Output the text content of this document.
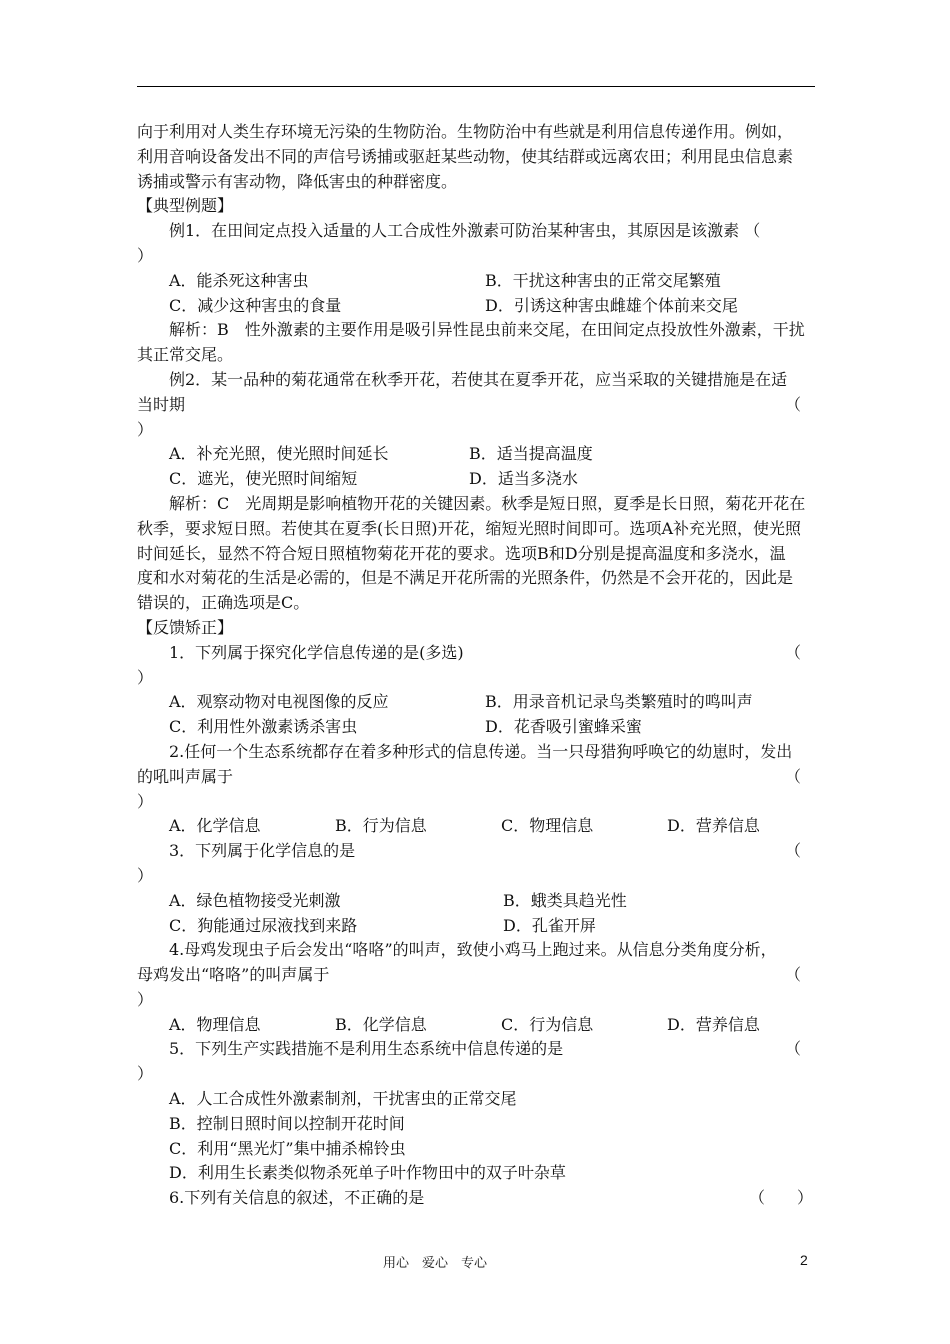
向于利用对人类生存环境无污染的生物防治。生物防治中有些就是利用信息传递作用。例如，
利用音响设备发出不同的声信号诱捕或驱赶某些动物，使其结群或远离农田；利用昆虫信息素
诱捕或警示有害动物，降低害虫的种群密度。
【典型例题】
例1．在田间定点投入适量的人工合成性外激素可防治某种害虫，其原因是该激素 （
）
A．能杀死这种害虫	B．干扰这种害虫的正常交尾繁殖
C．减少这种害虫的食量	D．引诱这种害虫雌雄个体前来交尾
解析：B　性外激素的主要作用是吸引异性昆虫前来交尾，在田间定点投放性外激素，干扰
其正常交尾。
例2．某一品种的菊花通常在秋季开花，若使其在夏季开花，应当采取的关键措施是在适
当时期	（
）
A．补充光照，使光照时间延长	B．适当提高温度
C．遮光，使光照时间缩短	D．适当多浇水
解析：C　光周期是影响植物开花的关键因素。秋季是短日照，夏季是长日照，菊花开花在
秋季，要求短日照。若使其在夏季(长日照)开花，缩短光照时间即可。选项A补充光照，使光照
时间延长，显然不符合短日照植物菊花开花的要求。选项B和D分别是提高温度和多浇水，温
度和水对菊花的生活是必需的，但是不满足开花所需的光照条件，仍然是不会开花的，因此是
错误的，正确选项是C。
【反馈矫正】
1．下列属于探究化学信息传递的是(多选)	（
）
A．观察动物对电视图像的反应	B．用录音机记录鸟类繁殖时的鸣叫声
C．利用性外激素诱杀害虫	D．花香吸引蜜蜂采蜜
2.任何一个生态系统都存在着多种形式的信息传递。当一只母猎狗呼唤它的幼崽时，发出
的吼叫声属于	（
）
A．化学信息	B．行为信息	C．物理信息	D．营养信息
3．下列属于化学信息的是	（
）
A．绿色植物接受光刺激	B．蛾类具趋光性
C．狗能通过尿液找到来路	D．孔雀开屏
4.母鸡发现虫子后会发出“咯咯”的叫声，致使小鸡马上跑过来。从信息分类角度分析，
母鸡发出“咯咯”的叫声属于	（
）
A．物理信息	B．化学信息	C．行为信息	D．营养信息
5．下列生产实践措施不是利用生态系统中信息传递的是	（
）
A．人工合成性外激素制剂，干扰害虫的正常交尾
B．控制日照时间以控制开花时间
C．利用“黑光灯”集中捕杀棉铃虫
D．利用生长素类似物杀死单子叶作物田中的双子叶杂草
6.下列有关信息的叙述，不正确的是	（　　）
用心　爱心　专心	2
